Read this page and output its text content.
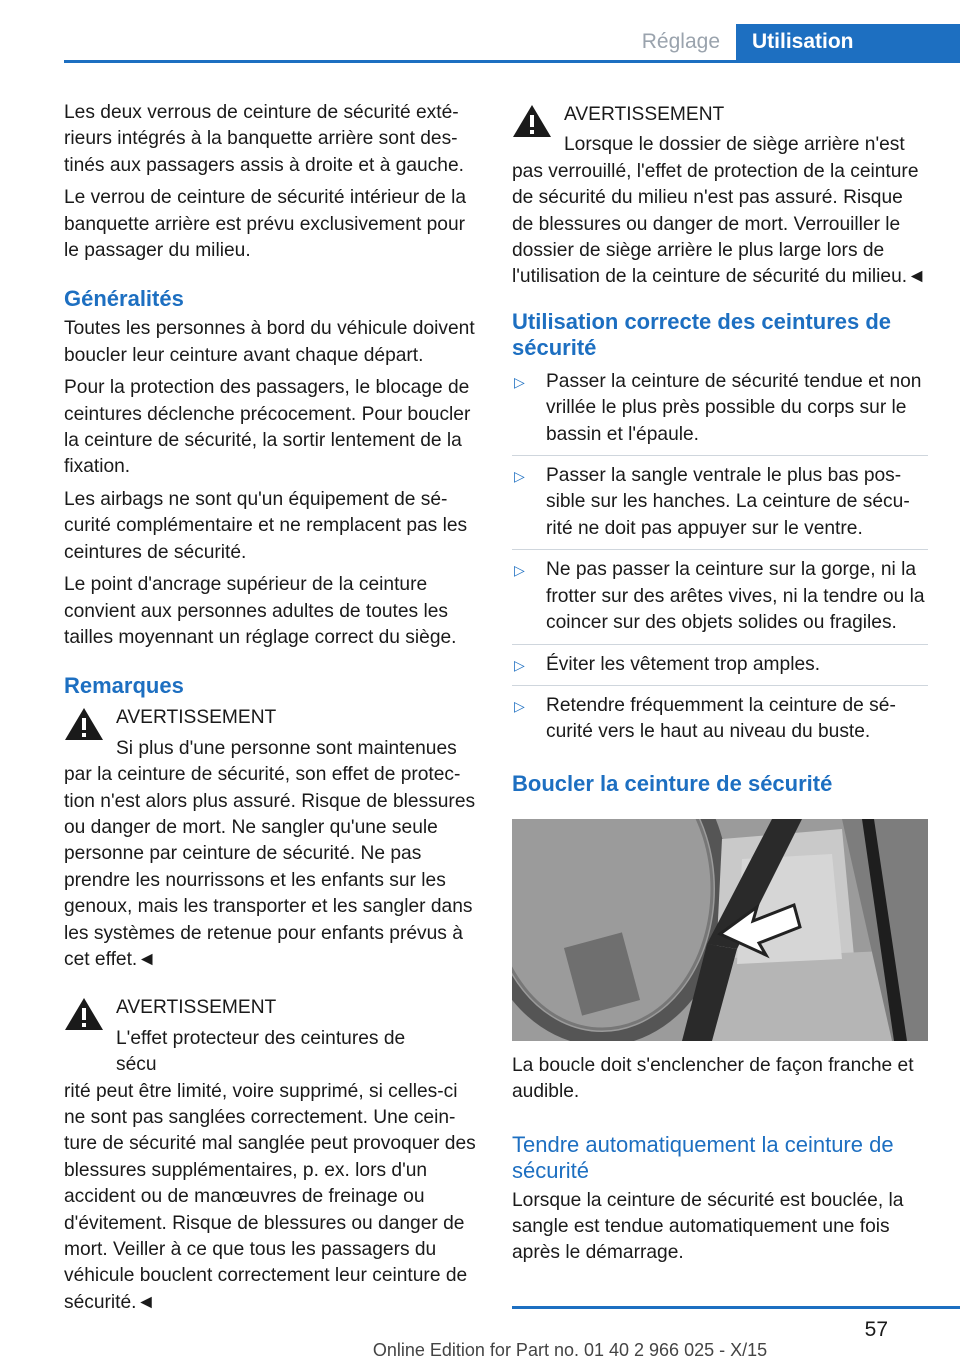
Réglage	Utilisation

Les deux verrous de ceinture de sécurité extérieurs intégrés à la banquette arrière sont destinés aux passagers assis à droite et à gauche.

Le verrou de ceinture de sécurité intérieur de la banquette arrière est prévu exclusivement pour le passager du milieu.

Généralités

Toutes les personnes à bord du véhicule doivent boucler leur ceinture avant chaque départ.

Pour la protection des passagers, le blocage de ceintures déclenche précocement. Pour boucler la ceinture de sécurité, la sortir lentement de la fixation.

Les airbags ne sont qu'un équipement de sécurité complémentaire et ne remplacent pas les ceintures de sécurité.

Le point d'ancrage supérieur de la ceinture convient aux personnes adultes de toutes les tailles moyennant un réglage correct du siège.

Remarques
AVERTISSEMENT
Si plus d'une personne sont maintenues par la ceinture de sécurité, son effet de protection n'est alors plus assuré. Risque de blessures ou danger de mort. Ne sangler qu'une seule personne par ceinture de sécurité. Ne pas prendre les nourrissons et les enfants sur les genoux, mais les transporter et les sangler dans les systèmes de retenue pour enfants prévus à cet effet.◄
AVERTISSEMENT
L'effet protecteur des ceintures de sécu rité peut être limité, voire supprimé, si celles-ci ne sont pas sanglées correctement. Une ceinture de sécurité mal sanglée peut provoquer des blessures supplémentaires, p. ex. lors d'un accident ou de manœuvres de freinage ou d'évitement. Risque de blessures ou danger de mort. Veiller à ce que tous les passagers du véhicule bouclent correctement leur ceinture de sécurité.◄
AVERTISSEMENT
Lorsque le dossier de siège arrière n'est pas verrouillé, l'effet de protection de la ceinture de sécurité du milieu n'est pas assuré. Risque de blessures ou danger de mort. Verrouiller le dossier de siège arrière le plus large lors de l'utilisation de la ceinture de sécurité du milieu.◄
Utilisation correcte des ceintures de sécurité
▷ Passer la ceinture de sécurité tendue et non vrillée le plus près possible du corps sur le bassin et l'épaule.
▷ Passer la sangle ventrale le plus bas possible sur les hanches. La ceinture de sécurité ne doit pas appuyer sur le ventre.
▷ Ne pas passer la ceinture sur la gorge, ni la frotter sur des arêtes vives, ni la tendre ou la coincer sur des objets solides ou fragiles.
▷ Éviter les vêtement trop amples.
▷ Retendre fréquemment la ceinture de sécurité vers le haut au niveau du buste.
Boucler la ceinture de sécurité

La boucle doit s'enclencher de façon franche et audible.

Tendre automatiquement la ceinture de sécurité

Lorsque la ceinture de sécurité est bouclée, la sangle est tendue automatiquement une fois après le démarrage.

57
Online Edition for Part no. 01 40 2 966 025 - X/15
